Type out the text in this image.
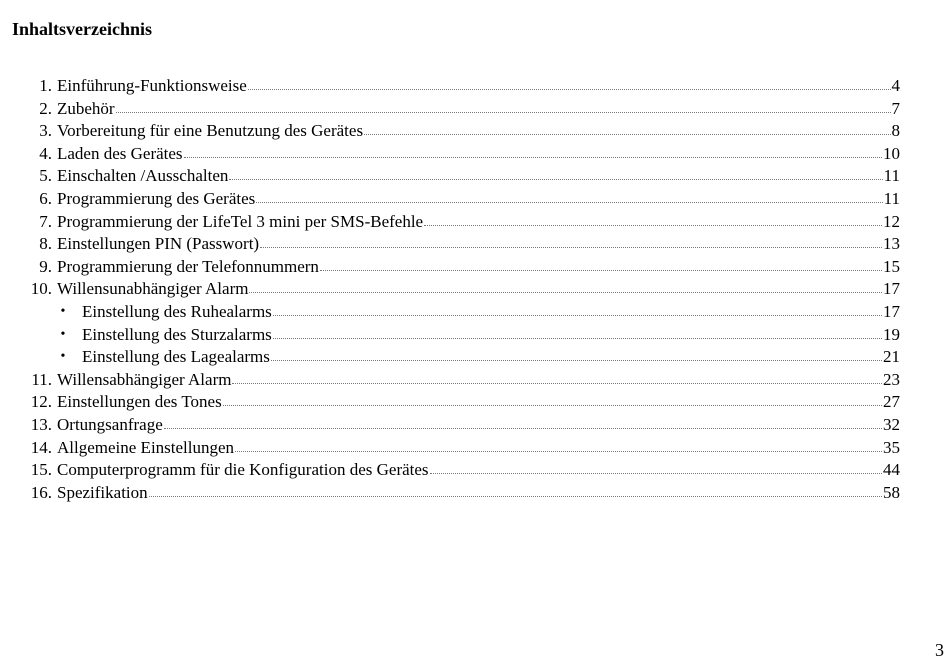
Inhaltsverzeichnis
1. Einführung-Funktionsweise	4
2. Zubehör	7
3. Vorbereitung für eine Benutzung des Gerätes	8
4. Laden des Gerätes	10
5. Einschalten /Ausschalten	11
6. Programmierung des Gerätes	11
7. Programmierung der LifeTel 3 mini per SMS-Befehle	12
8. Einstellungen PIN (Passwort)	13
9. Programmierung der Telefonnummern	15
10. Willensunabhängiger Alarm	17
• Einstellung des Ruhealarms	17
• Einstellung des Sturzalarms	19
• Einstellung des Lagealarms	21
11. Willensabhängiger Alarm	23
12. Einstellungen des Tones	27
13. Ortungsanfrage	32
14. Allgemeine Einstellungen	35
15. Computerprogramm für die Konfiguration des Gerätes	44
16. Spezifikation	58
3
